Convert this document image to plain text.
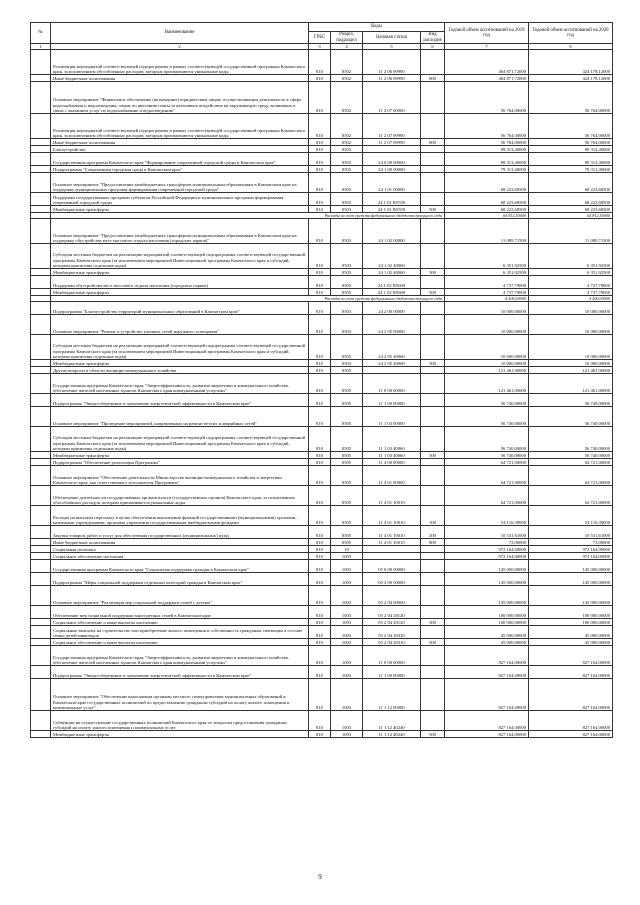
№	Наименование	Коды				Годовой объем ассигнований на 2019 год	Годовой объем ассигнований на 2020 год
		ГРБС	Раздел, подраздел	Целевая статья	Вид расходов		
1	2	3	4	5	6	7	8
	Реализация мероприятий соответствующей подпрограммы в рамках соответствующей государственной программы Камчатского края, за исключением обособленных расходов, которым присваиваются уникальные коды	810	0502	11 2 06 09990		404 871,72000	424 178,12000
	Иные бюджетные ассигнования	810	0502	11 2 06 09990	800	404 871,72000	424 178,12000
	Основное мероприятие "Финансовое обеспечение (возмещение) юридическим лицам, осуществляющим деятельность в сфере водоснабжения и водоотведения, затрат по внесению платы за негативное воздействие на окружающую среду, возникших в связи с оказанием услуг по водоснабжению и водоотведению"	810	0502	11 2 07 00000		56 764,00000	56 764,00000
	Реализация мероприятий соответствующей подпрограммы в рамках соответствующей государственной программы Камчатского края, за исключением обособленных расходов, которым присваиваются уникальные коды	810	0502	11 2 07 09990		56 764,00000	56 764,00000
	Иные бюджетные ассигнования	810	0502	11 2 07 09990	800	56 764,00000	56 764,00000
	Благоустройство	810	0503			89 313,40000	89 313,40000
	Государственная программа Камчатского края "Формирование современной городской среды в Камчатском крае"	810	0503	24 0 00 00000		89 313,40000	89 313,40000
	Подпрограмма "Современная городская среда в Камчатском крае"	810	0503	24 1 00 00000		79 313,40000	79 313,40000
	Основное мероприятие "Предоставление межбюджетных трансфертов муниципальным образованиям в Камчатском крае на поддержку муниципальных программ формирования современной городской среды"	810	0503	24 1 01 00000		68 223,68500	68 223,68500
	Поддержка государственных программ субъектов Российской Федерации и муниципальных программ формирования современной городской среды	810	0503	24 1 01 R5550		68 223,68500	68 223,68500
	Межбюджетные трансферты	810	0503	24 1 01 R5550	500	68 223,68500	68 223,68500
	Расходы за счет средств федерального бюджета текущего года					64 812,50000	64 812,50000
	Основное мероприятие "Предоставление межбюджетных трансфертов муниципальным образованиям в Камчатском крае на поддержку обустройства мест массового отдыха населения (городских парков)"	810	0503	24 1 02 00000		11 089,71500	11 089,71500
	Субсидии местным бюджетам на реализацию мероприятий соответствующей подпрограммы соответствующей государственной программы Камчатского края (за исключением мероприятий Инвестиционной программы Камчатского края и субсидий, которым присвоены отдельные коды)	810	0503	24 1 02 40060		6 351,92500	6 351,92500
	Межбюджетные трансферты	810	0503	24 1 02 40060	500	6 351,92500	6 351,92500
	Поддержка обустройства мест массового отдыха населения (городских парков)	810	0503	24 1 02 R5600		4 737,79000	4 737,79000
	Межбюджетные трансферты	810	0503	24 1 02 R5600	500	4 737,79000	4 737,79000
	Расходы за счет средств федерального бюджета текущего года					4 500,00000	4 500,00000
	Подпрограмма "Благоустройство территорий муниципальных образований в Камчатском крае"	810	0503	24 2 00 00000		10 000,00000	10 000,00000
	Основное мероприятие "Ремонт и устройство уличных сетей наружного освещения"	810	0503	24 2 05 00000		10 000,00000	10 000,00000
	Субсидии местным бюджетам на реализацию мероприятий соответствующей подпрограммы соответствующей государственной программы Камчатского края (за исключением мероприятий Инвестиционной программы Камчатского края и субсидий, которым присвоены отдельные коды)	810	0503	24 2 05 40060		10 000,00000	10 000,00000
	Межбюджетные трансферты	810	0503	24 2 05 40060	500	10 000,00000	10 000,00000
	Другие вопросы в области жилищно-коммунального хозяйства	810	0505			121 461,00000	121 461,00000
	Государственная программа Камчатского края "Энергоэффективность, развитие энергетики и коммунального хозяйства, обеспечение жителей населенных пунктов Камчатского края коммунальными услугами"	810	0505	11 0 00 00000		121 461,00000	121 461,00000
	Подпрограмма "Энергосбережение и повышение энергетической эффективности в Камчатском крае"	810	0505	11 1 00 00000		56 740,00000	56 740,00000
	Основное мероприятие "Проведение мероприятий, направленных на ремонт ветхих и аварийных сетей"	810	0505	11 1 03 00000		56 740,00000	56 740,00000
	Субсидии местным бюджетам на реализацию мероприятий соответствующей подпрограммы соответствующей государственной программы Камчатского края (за исключением мероприятий Инвестиционной программы Камчатского края и субсидий, которым присвоены отдельные коды)	810	0505	11 1 03 40060		56 740,00000	56 740,00000
	Межбюджетные трансферты	810	0505	11 1 03 40060	500	56 740,00000	56 740,00000
	Подпрограмма "Обеспечение реализации Программы"	810	0505	11 4 00 00000		64 721,00000	64 721,00000
	Основное мероприятие "Обеспечение деятельности Министерства жилищно-коммунального хозяйства и энергетики Камчатского края, как ответственного исполнителя Программы"	810	0505	11 4 01 00000		64 721,00000	64 721,00000
	Обеспечение деятельности государственных органов власти (государственных органов) Камчатского края, за исключением обособленных расходов, которым присваиваются уникальные коды	810	0505	11 4 01 10010		64 721,00000	64 721,00000
	Расходы на выплаты персоналу в целях обеспечения выполнения функций государственными (муниципальными) органами, казенными учреждениями, органами управления государственными внебюджетными фондами	810	0505	11 4 01 10010	100	54 116,39000	54 116,39000
	Закупка товаров, работ и услуг для обеспечения государственных (муниципальных) нужд	810	0505	11 4 01 10010	200	10 531,61000	10 531,61000
	Иные бюджетные ассигнования	810	0505	11 4 01 10010	800	73,00000	73,00000
	Социальная политика	810	10			972 164,00000	972 164,00000
	Социальное обеспечение населения	810	1003			972 164,00000	972 164,00000
	Государственная программа Камчатского края "Социальная поддержка граждан в Камчатском крае"	810	1003	05 0 00 00000		145 000,00000	145 000,00000
	Подпрограмма "Меры социальной поддержки отдельных категорий граждан в Камчатском крае"	810	1003	05 2 00 00000		145 000,00000	145 000,00000
	Основное мероприятие "Реализация мер социальной поддержки семей с детьми"	810	1003	05 2 04 00000		145 000,00000	145 000,00000
	Обеспечение мер социальной поддержки многодетных семей в Камчатском крае	810	1003	05 2 04 20120		100 000,00000	100 000,00000
	Социальное обеспечение и иные выплаты населению	810	1003	05 2 04 20120	300	100 000,00000	100 000,00000
	Социальные выплаты на строительство или приобретение жилого помещения в собственность гражданам, имеющим в составе семьи детей-инвалидов	810	1003	05 2 04 20310		45 000,00000	45 000,00000
	Социальное обеспечение и иные выплаты населению	810	1003	05 2 04 20310	300	45 000,00000	45 000,00000
	Государственная программа Камчатского края "Энергоэффективность, развитие энергетики и коммунального хозяйства, обеспечение жителей населенных пунктов Камчатского края коммунальными услугами"	810	1003	11 0 00 00000		827 164,00000	827 164,00000
	Подпрограмма "Энергосбережение и повышение энергетической эффективности в Камчатском крае"	810	1003	11 1 00 00000		827 164,00000	827 164,00000
	Основное мероприятие "Обеспечение выполнения органами местного самоуправления муниципальных образований в Камчатском крае государственных полномочий по предоставлению гражданам субсидий на оплату жилого помещения и коммунальных услуг"	810	1003	11 1 12 00000		827 164,00000	827 164,00000
	Субвенции на осуществление государственных полномочий Камчатского края по вопросам предоставления гражданам субсидий на оплату жилого помещения и коммунальных услуг	810	1003	11 1 12 40240		827 164,00000	827 164,00000
	Межбюджетные трансферты	810	1003	11 1 12 40240	500	827 164,00000	827 164,00000
9
